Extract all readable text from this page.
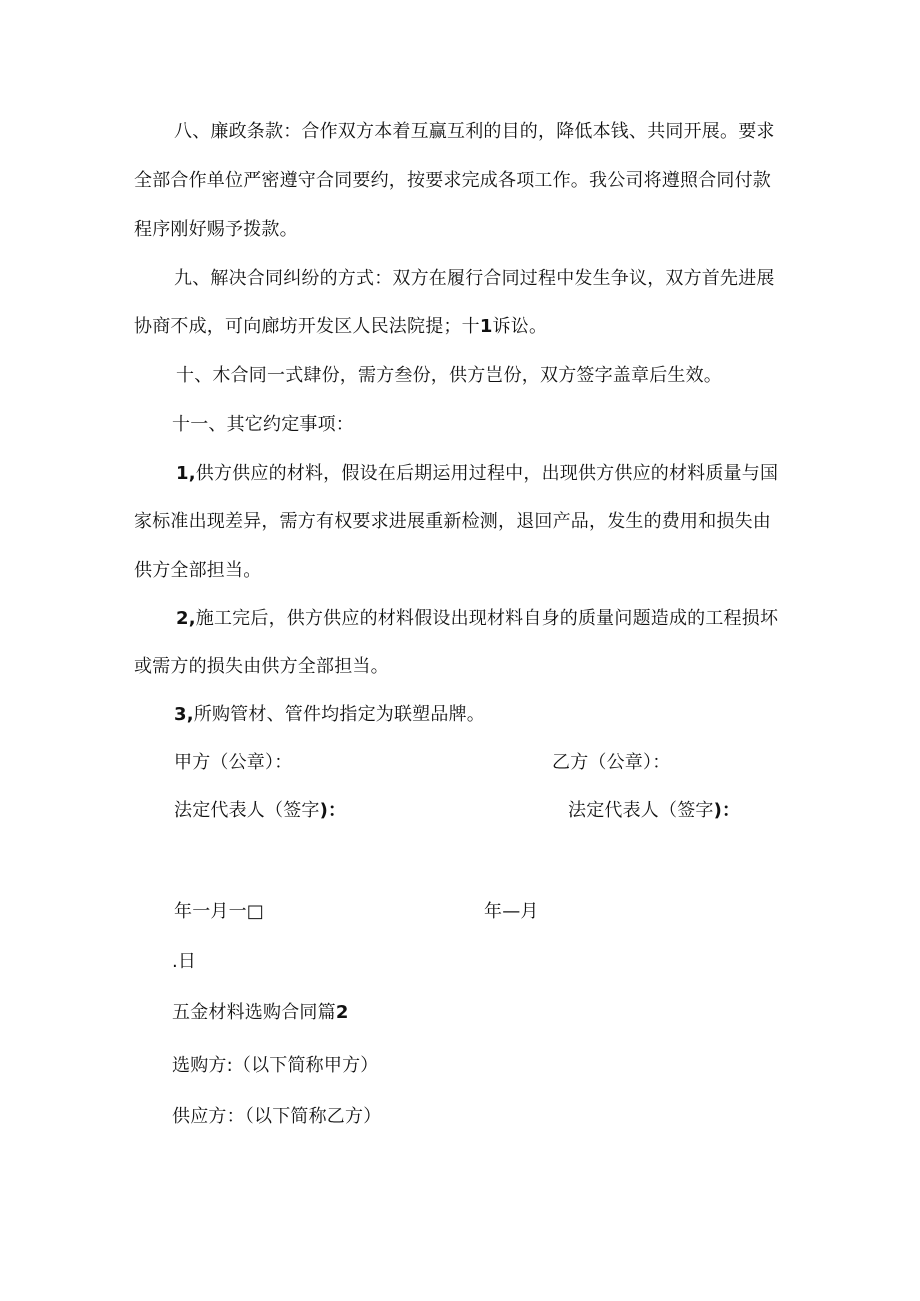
八、廉政条款：合作双方本着互赢互利的目的，降低本钱、共同开展。要求
全部合作单位严密遵守合同要约，按要求完成各项工作。我公司将遵照合同付款
程序刚好赐予拨款。
九、解决合同纠纷的方式：双方在履行合同过程中发生争议，双方首先进展
协商不成，可向廊坊开发区人民法院提；十1诉讼。
十、木合同一式肆份，需方叁份，供方岂份，双方签字盖章后生效。
十一、其它约定事项：
1,供方供应的材料，假设在后期运用过程中，出现供方供应的材料质量与国
家标准出现差异，需方有权要求进展重新检测，退回产品，发生的费用和损失由
供方全部担当。
2,施工完后，供方供应的材料假设出现材料自身的质量问题造成的工程损坏
或需方的损失由供方全部担当。
3,所购管材、管件均指定为联塑品牌。
甲方（公章）：	乙方（公章）：
法定代表人（签字)：	法定代表人（签字)：
年一月一□	年—月
.日
五金材料选购合同篇2
选购方:（以下简称甲方）
供应方：（以下简称乙方）
